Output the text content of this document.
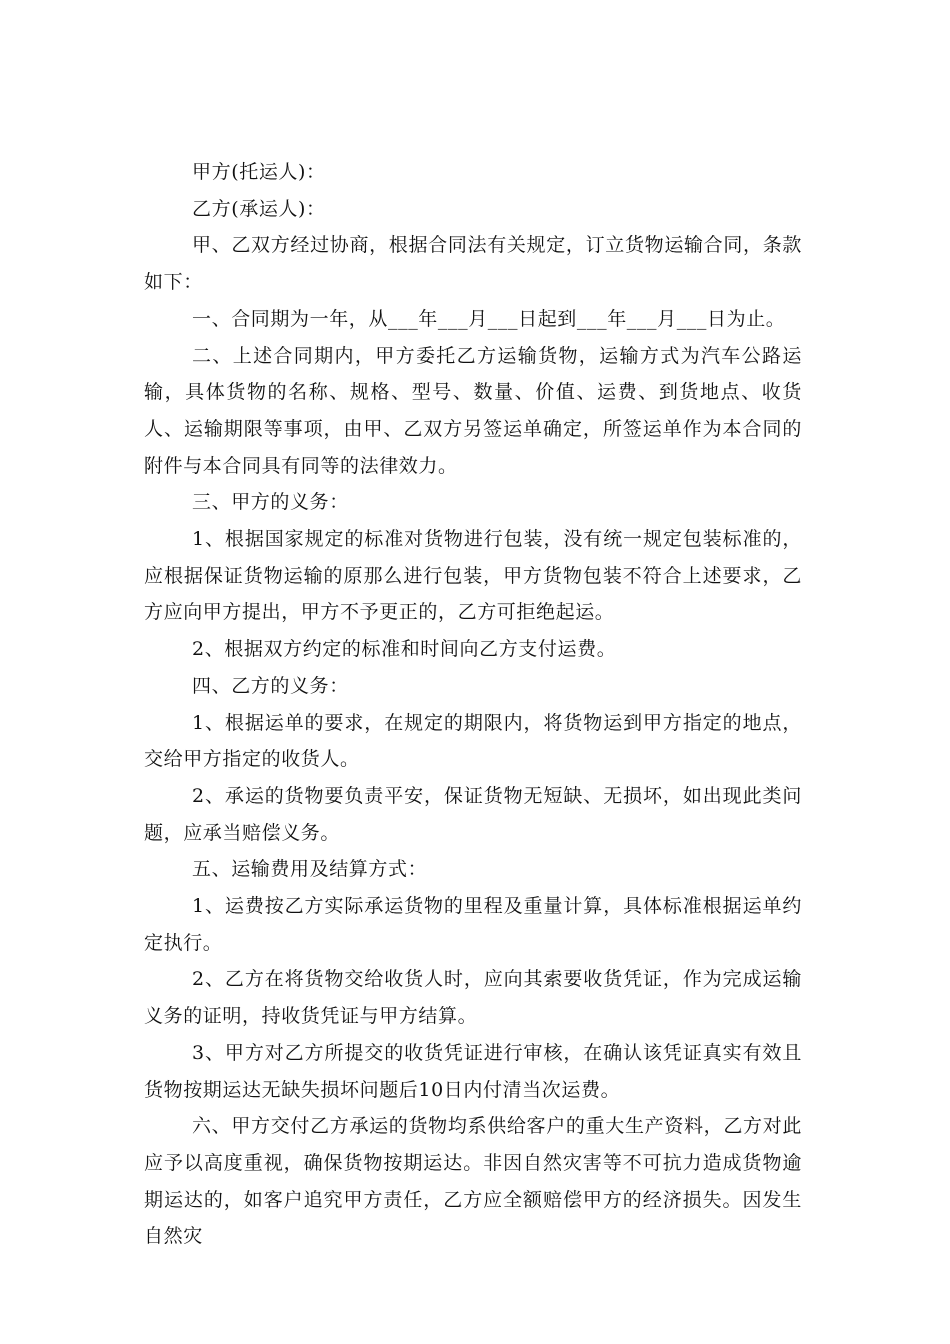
甲方(托运人)：

乙方(承运人)：

甲、乙双方经过协商，根据合同法有关规定，订立货物运输合同，条款如下：

一、合同期为一年，从___年___月___日起到___年___月___日为止。

二、上述合同期内，甲方委托乙方运输货物，运输方式为汽车公路运输，具体货物的名称、规格、型号、数量、价值、运费、到货地点、收货人、运输期限等事项，由甲、乙双方另签运单确定，所签运单作为本合同的附件与本合同具有同等的法律效力。

三、甲方的义务：

1、根据国家规定的标准对货物进行包装，没有统一规定包装标准的，应根据保证货物运输的原那么进行包装，甲方货物包装不符合上述要求，乙方应向甲方提出，甲方不予更正的，乙方可拒绝起运。

2、根据双方约定的标准和时间向乙方支付运费。

四、乙方的义务：

1、根据运单的要求，在规定的期限内，将货物运到甲方指定的地点，交给甲方指定的收货人。

2、承运的货物要负责平安，保证货物无短缺、无损坏，如出现此类问题，应承当赔偿义务。

五、运输费用及结算方式：

1、运费按乙方实际承运货物的里程及重量计算，具体标准根据运单约定执行。

2、乙方在将货物交给收货人时，应向其索要收货凭证，作为完成运输义务的证明，持收货凭证与甲方结算。

3、甲方对乙方所提交的收货凭证进行审核，在确认该凭证真实有效且货物按期运达无缺失损坏问题后10日内付清当次运费。

六、甲方交付乙方承运的货物均系供给客户的重大生产资料，乙方对此应予以高度重视，确保货物按期运达。非因自然灾害等不可抗力造成货物逾期运达的，如客户追究甲方责任，乙方应全额赔偿甲方的经济损失。因发生自然灾
